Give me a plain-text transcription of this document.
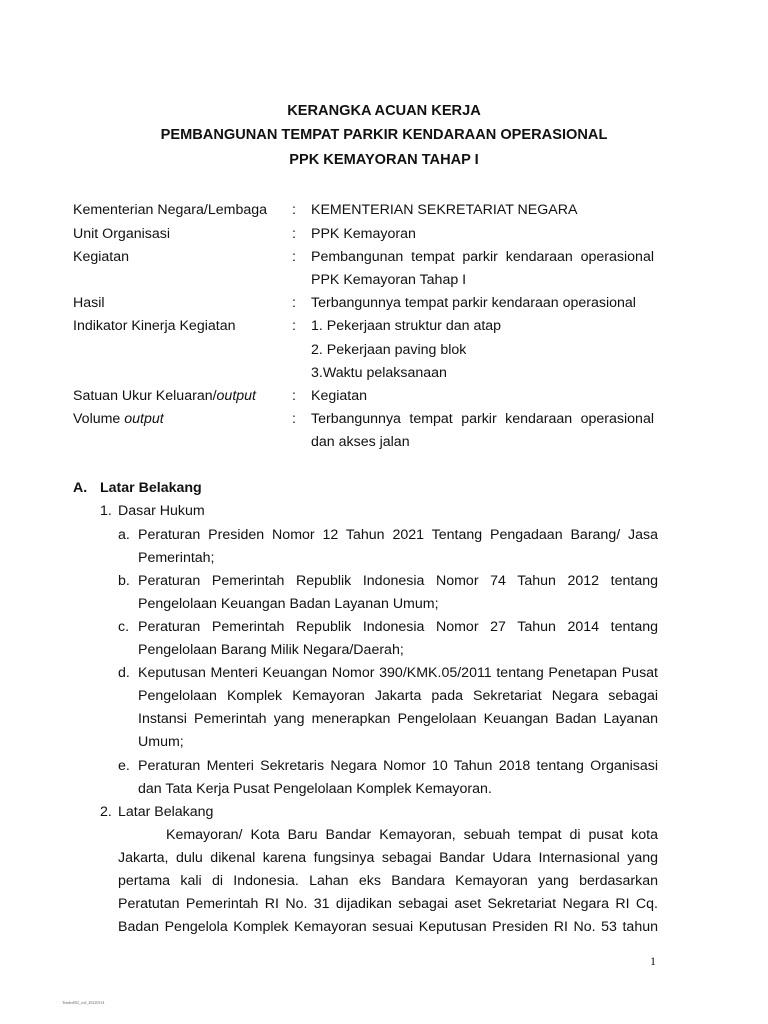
KERANGKA ACUAN KERJA
PEMBANGUNAN TEMPAT PARKIR KENDARAAN OPERASIONAL
PPK KEMAYORAN TAHAP I
Kementerian Negara/Lembaga : KEMENTERIAN SEKRETARIAT NEGARA
Unit Organisasi	: PPK Kemayoran
Kegiatan	: Pembangunan tempat parkir kendaraan operasional
PPK Kemayoran Tahap I
Hasil	: Terbangunnya tempat parkir kendaraan operasional
Indikator Kinerja Kegiatan	: 1. Pekerjaan struktur dan atap
2. Pekerjaan paving blok
3.Waktu pelaksanaan
Satuan Ukur Keluaran/output	: Kegiatan
Volume output	: Terbangunnya tempat parkir kendaraan operasional
dan akses jalan
A. Latar Belakang
1. Dasar Hukum
a. Peraturan Presiden Nomor 12 Tahun 2021 Tentang Pengadaan Barang/ Jasa
Pemerintah;
b. Peraturan Pemerintah Republik Indonesia Nomor 74 Tahun 2012 tentang
Pengelolaan Keuangan Badan Layanan Umum;
c. Peraturan Pemerintah Republik Indonesia Nomor 27 Tahun 2014 tentang
Pengelolaan Barang Milik Negara/Daerah;
d. Keputusan Menteri Keuangan Nomor 390/KMK.05/2011 tentang Penetapan Pusat
Pengelolaan Komplek Kemayoran Jakarta pada Sekretariat Negara sebagai
Instansi Pemerintah yang menerapkan Pengelolaan Keuangan Badan Layanan
Umum;
e. Peraturan Menteri Sekretaris Negara Nomor 10 Tahun 2018 tentang Organisasi
dan Tata Kerja Pusat Pengelolaan Komplek Kemayoran.
2. Latar Belakang
Kemayoran/ Kota Baru Bandar Kemayoran, sebuah tempat di pusat kota
Jakarta, dulu dikenal karena fungsinya sebagai Bandar Udara Internasional yang
pertama kali di Indonesia. Lahan eks Bandara Kemayoran yang berdasarkan
Peratutan Pemerintah RI No. 31 dijadikan sebagai aset Sekretariat Negara RI Cq.
Badan Pengelola Komplek Kemayoran sesuai Keputusan Presiden RI No. 53 tahun
1
Tender002_rod_20220314
